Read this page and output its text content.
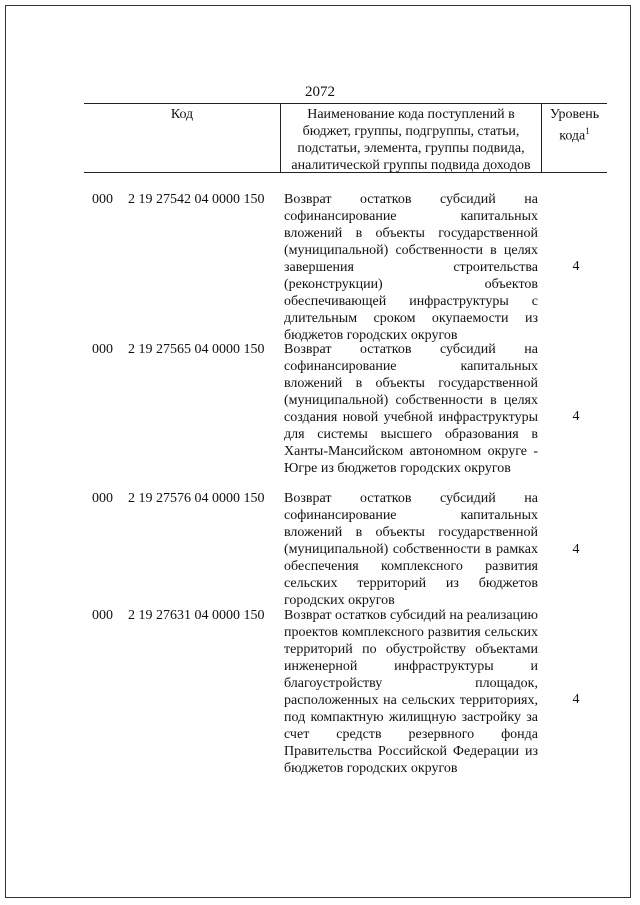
2072
Код	Наименование кода поступлений в бюджет, группы, подгруппы, статьи, подстатьи, элемента, группы подвида, аналитической группы подвида доходов
Уровень кода$^1$
000	2 19 27542 04 0000 150	Возврат остатков субсидий на софинансирование капитальных вложений в объекты государственной (муниципальной) собственности в целях завершения строительства (реконструкции) объектов обеспечивающей инфраструктуры с длительным сроком окупаемости из бюджетов городских округов
4
000	2 19 27565 04 0000 150	Возврат остатков субсидий на софинансирование капитальных вложений в объекты государственной (муниципальной) собственности в целях создания новой учебной инфраструктуры для системы высшего образования в Ханты-Мансийском автономном округе - Югре из бюджетов городских округов
4
000	2 19 27576 04 0000 150	Возврат остатков субсидий на софинансирование капитальных вложений в объекты государственной (муниципальной) собственности в рамках обеспечения комплексного развития сельских территорий из бюджетов городских округов
4
000	2 19 27631 04 0000 150	Возврат остатков субсидий на реализацию проектов комплексного развития сельских территорий по обустройству объектами инженерной инфраструктуры и благоустройству площадок, расположенных на сельских территориях, под компактную жилищную застройку за счет средств резервного фонда Правительства Российской Федерации из бюджетов городских округов
4
